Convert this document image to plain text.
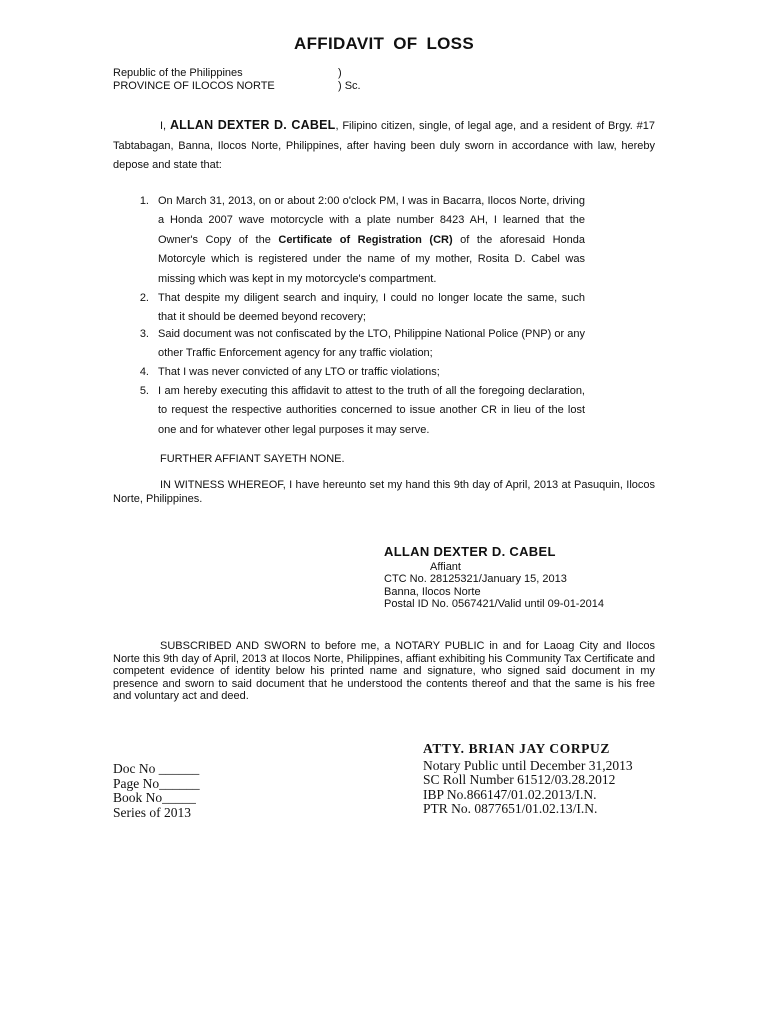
AFFIDAVIT OF LOSS
Republic of the Philippines
PROVINCE OF ILOCOS NORTE
)
) Sc.
I, ALLAN DEXTER D. CABEL, Filipino citizen, single, of legal age, and a resident of Brgy. #17 Tabtabagan, Banna, Ilocos Norte, Philippines, after having been duly sworn in accordance with law, hereby depose and state that:
1. On March 31, 2013, on or about 2:00 o'clock PM, I was in Bacarra, Ilocos Norte, driving a Honda 2007 wave motorcycle with a plate number 8423 AH, I learned that the Owner's Copy of the Certificate of Registration (CR) of the aforesaid Honda Motorcyle which is registered under the name of my mother, Rosita D. Cabel was missing which was kept in my motorcycle's compartment.
2. That despite my diligent search and inquiry, I could no longer locate the same, such that it should be deemed beyond recovery;
3. Said document was not confiscated by the LTO, Philippine National Police (PNP) or any other Traffic Enforcement agency for any traffic violation;
4. That I was never convicted of any LTO or traffic violations;
5. I am hereby executing this affidavit to attest to the truth of all the foregoing declaration, to request the respective authorities concerned to issue another CR in lieu of the lost one and for whatever other legal purposes it may serve.
FURTHER AFFIANT SAYETH NONE.
IN WITNESS WHEREOF, I have hereunto set my hand this 9th day of April, 2013 at Pasuquin, Ilocos Norte, Philippines.
ALLAN DEXTER D. CABEL
Affiant
CTC No. 28125321/January 15, 2013
Banna, Ilocos Norte
Postal ID No. 0567421/Valid until 09-01-2014
SUBSCRIBED AND SWORN to before me, a NOTARY PUBLIC in and for Laoag City and Ilocos Norte this 9th day of April, 2013 at Ilocos Norte, Philippines, affiant exhibiting his Community Tax Certificate and competent evidence of identity below his printed name and signature, who signed said document in my presence and sworn to said document that he understood the contents thereof and that the same is his free and voluntary act and deed.
Doc No ______
Page No______
Book No_____
Series of 2013
ATTY. BRIAN JAY CORPUZ
Notary Public until December 31,2013
SC Roll Number 61512/03.28.2012
IBP No.866147/01.02.2013/I.N.
PTR No. 0877651/01.02.13/I.N.
